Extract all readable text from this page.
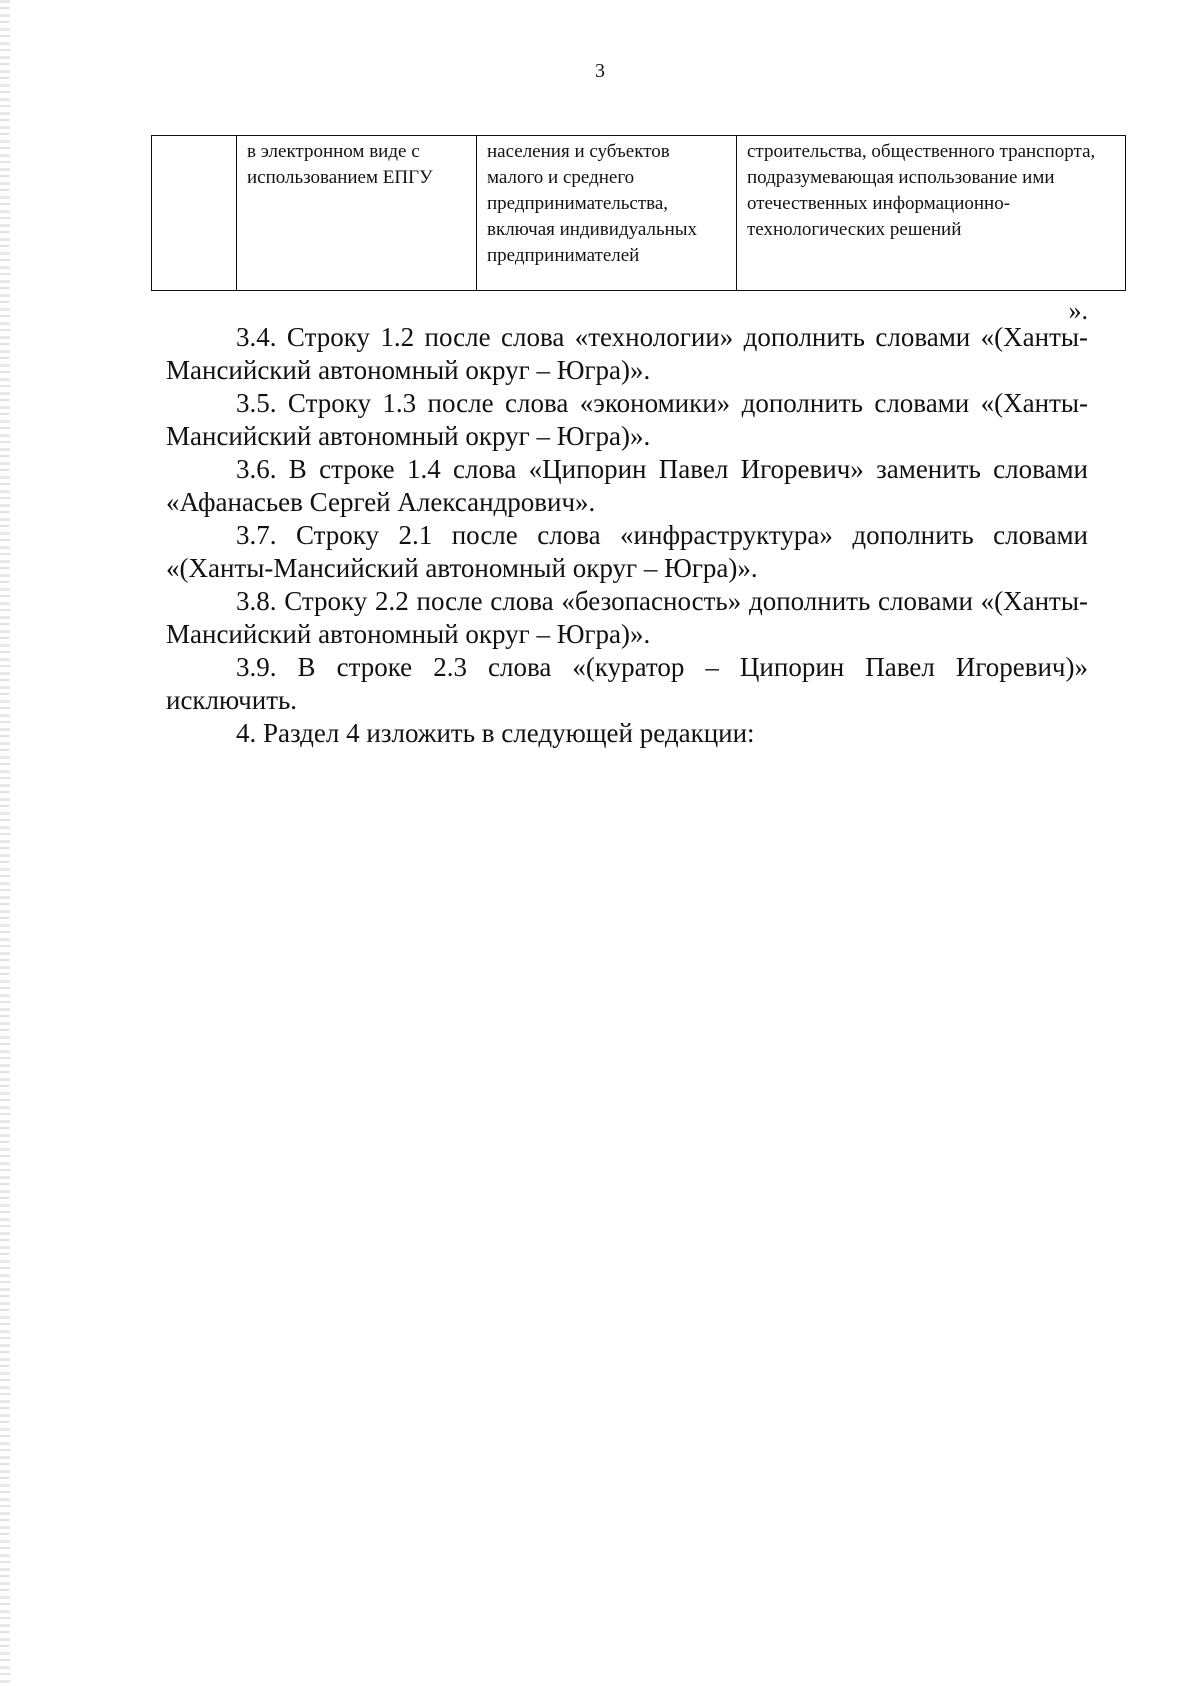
3
	в электронном виде с использованием ЕПГУ	населения и субъектов малого и среднего предпринимательства, включая индивидуальных предпринимателей	строительства, общественного транспорта, подразумевающая использование ими отечественных информационно-технологических решений
».

3.4. Строку 1.2 после слова «технологии» дополнить словами «(Ханты-Мансийский автономный округ – Югра)».

3.5. Строку 1.3 после слова «экономики» дополнить словами «(Ханты-Мансийский автономный округ – Югра)».

3.6. В строке 1.4 слова «Ципорин Павел Игоревич» заменить словами «Афанасьев Сергей Александрович».

3.7. Строку 2.1 после слова «инфраструктура» дополнить словами «(Ханты-Мансийский автономный округ – Югра)».

3.8. Строку 2.2 после слова «безопасность» дополнить словами «(Ханты-Мансийский автономный округ – Югра)».

3.9. В строке 2.3 слова «(куратор – Ципорин Павел Игоревич)» исключить.

4. Раздел 4 изложить в следующей редакции:
